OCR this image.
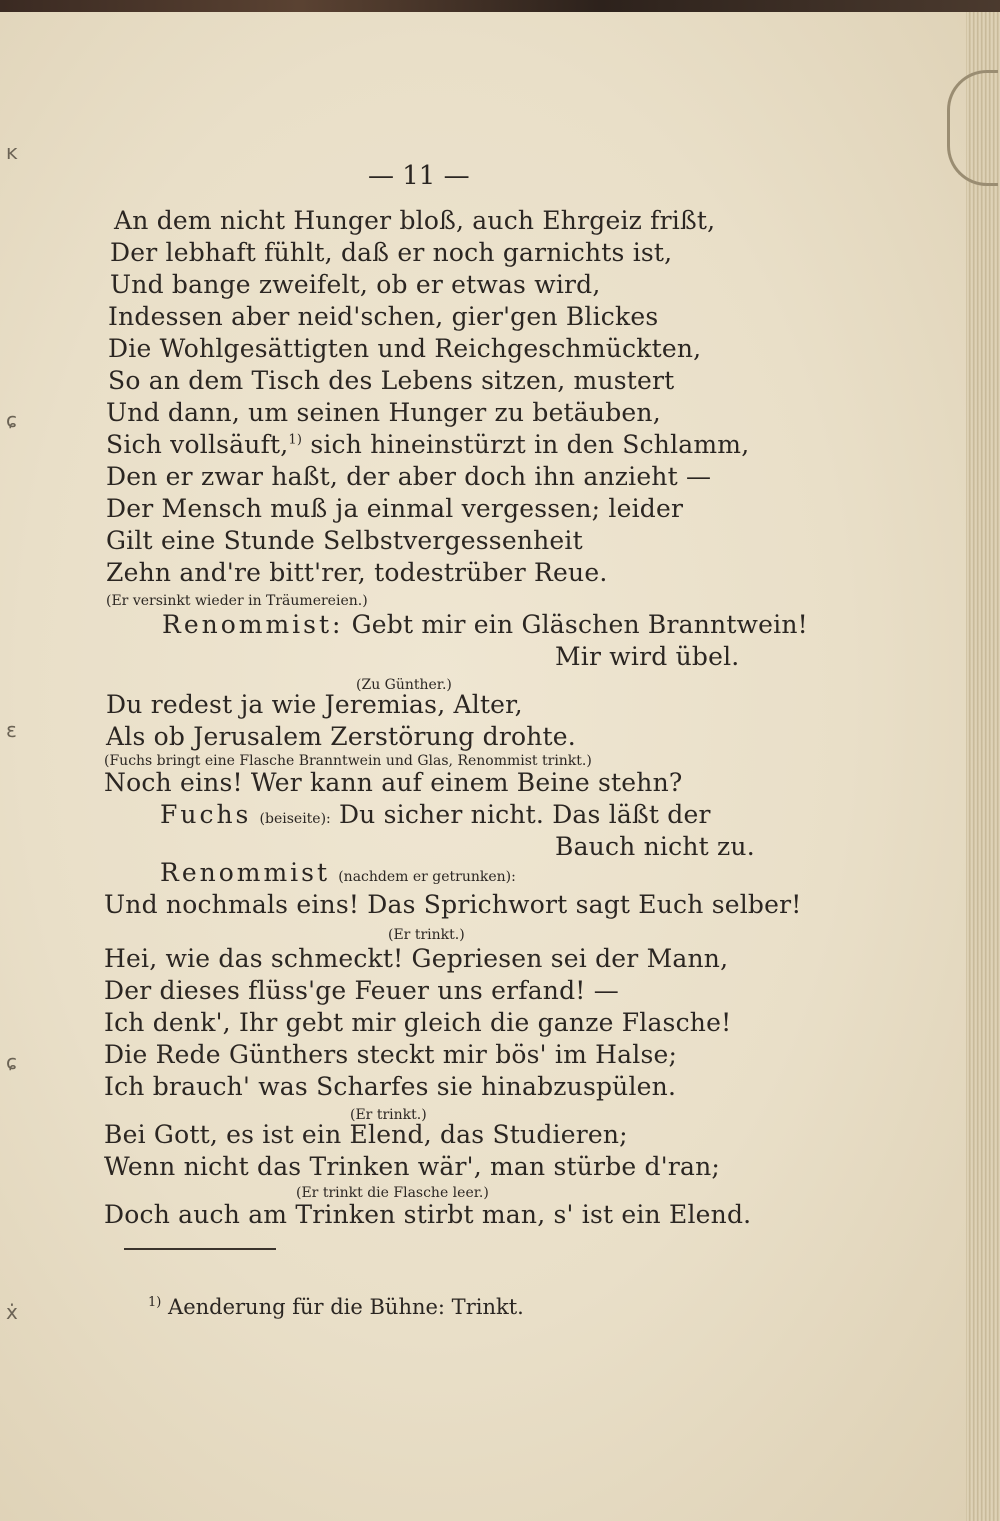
ĸ
ɕ
ɛ
ɕ
ẋ
— 11 —

An dem nicht Hunger bloß, auch Ehrgeiz frißt,

Der lebhaft fühlt, daß er noch garnichts ist,

Und bange zweifelt, ob er etwas wird,

Indessen aber neid'schen, gier'gen Blickes

Die Wohlgesättigten und Reichgeschmückten,

So an dem Tisch des Lebens sitzen, mustert

Und dann, um seinen Hunger zu betäuben,

Sich vollsäuft,$^{1)}$ sich hineinstürzt in den Schlamm,

Den er zwar haßt, der aber doch ihn anzieht —

Der Mensch muß ja einmal vergessen; leider

Gilt eine Stunde Selbstvergessenheit

Zehn and're bitt'rer, todestrüber Reue.

(Er versinkt wieder in Träumereien.)

Renommist: Gebt mir ein Gläschen Branntwein!

Mir wird übel.

(Zu Günther.)

Du redest ja wie Jeremias, Alter,

Als ob Jerusalem Zerstörung drohte.

(Fuchs bringt eine Flasche Branntwein und Glas, Renommist trinkt.)

Noch eins! Wer kann auf einem Beine stehn?

Fuchs (beiseite): Du sicher nicht. Das läßt der

Bauch nicht zu.

Renommist (nachdem er getrunken):

Und nochmals eins! Das Sprichwort sagt Euch selber!

(Er trinkt.)

Hei, wie das schmeckt! Gepriesen sei der Mann,

Der dieses flüss'ge Feuer uns erfand! —

Ich denk', Ihr gebt mir gleich die ganze Flasche!

Die Rede Günthers steckt mir bös' im Halse;

Ich brauch' was Scharfes sie hinabzuspülen.

(Er trinkt.)

Bei Gott, es ist ein Elend, das Studieren;

Wenn nicht das Trinken wär', man stürbe d'ran;

(Er trinkt die Flasche leer.)

Doch auch am Trinken stirbt man, s' ist ein Elend.

$^{1)}$ Aenderung für die Bühne: Trinkt.
